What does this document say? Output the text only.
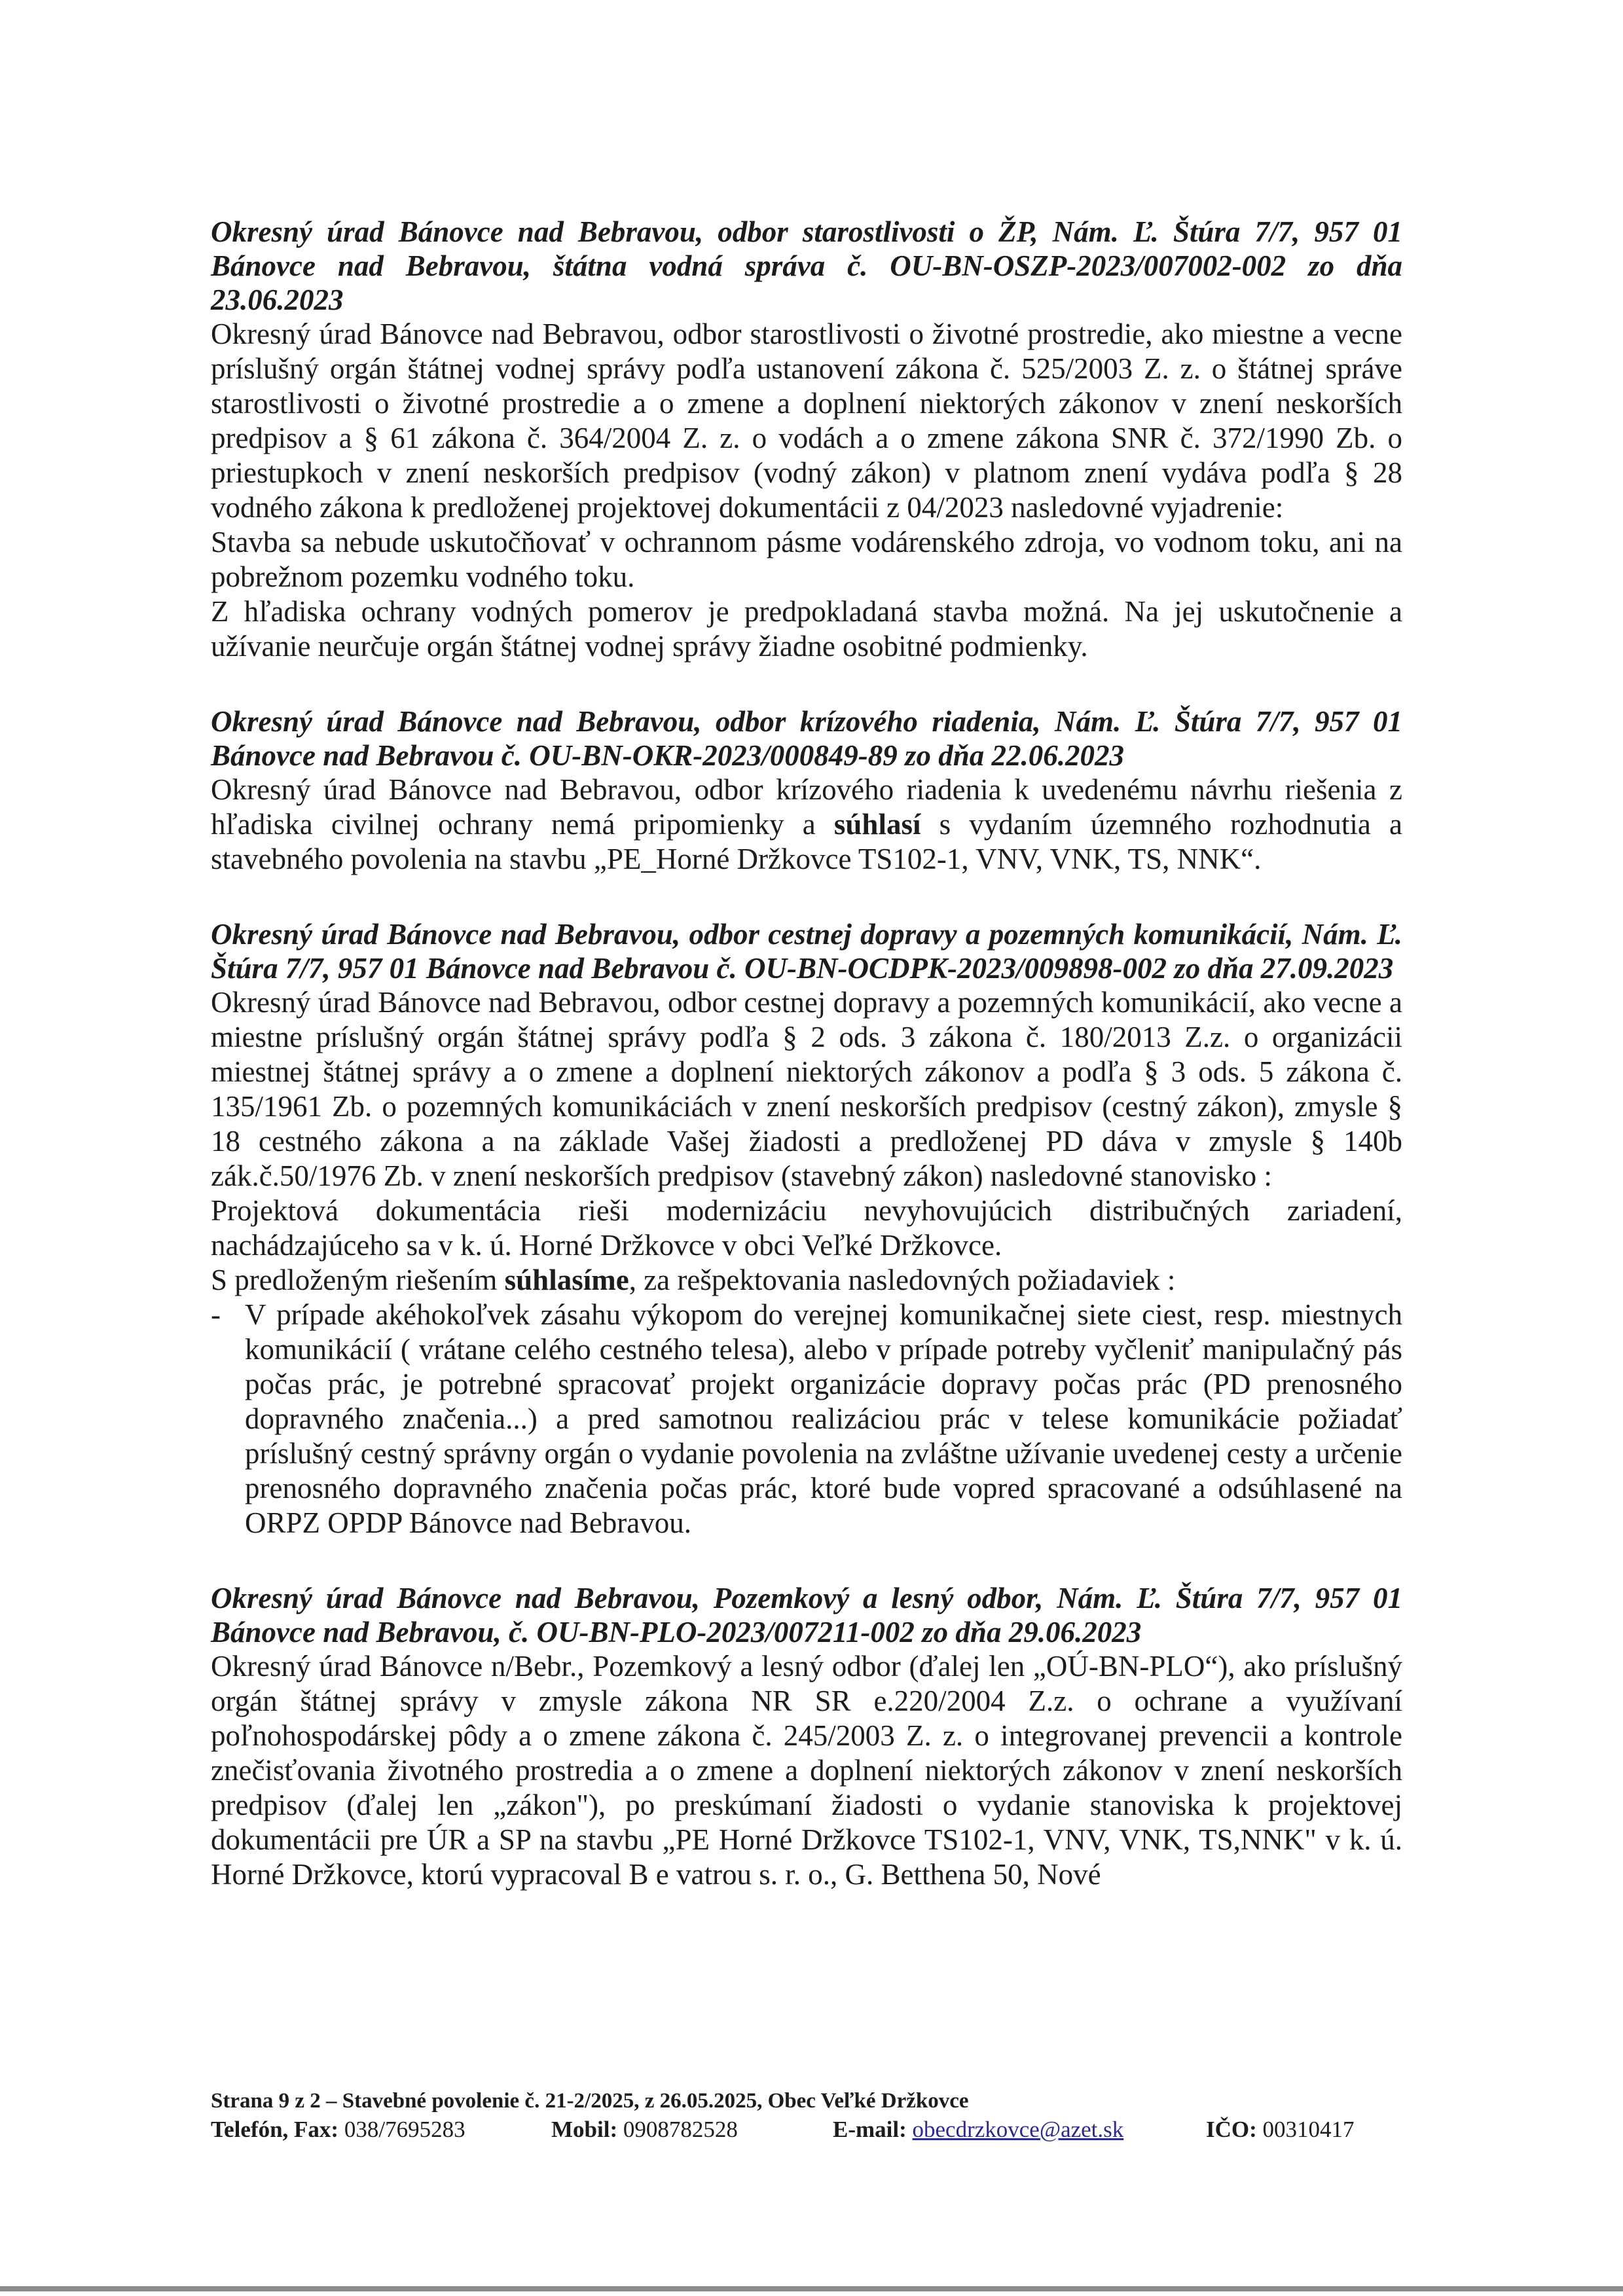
Okresný úrad Bánovce nad Bebravou, odbor starostlivosti o ŽP, Nám. Ľ. Štúra 7/7, 957 01 Bánovce nad Bebravou, štátna vodná správa č. OU-BN-OSZP-2023/007002-002 zo dňa 23.06.2023

Okresný úrad Bánovce nad Bebravou, odbor starostlivosti o životné prostredie, ako miestne a vecne príslušný orgán štátnej vodnej správy podľa ustanovení zákona č. 525/2003 Z. z. o štátnej správe starostlivosti o životné prostredie a o zmene a doplnení niektorých zákonov v znení neskorších predpisov a § 61 zákona č. 364/2004 Z. z. o vodách a o zmene zákona SNR č. 372/1990 Zb. o priestupkoch v znení neskorších predpisov (vodný zákon) v platnom znení vydáva podľa § 28 vodného zákona k predloženej projektovej dokumentácii z 04/2023 nasledovné vyjadrenie:

Stavba sa nebude uskutočňovať v ochrannom pásme vodárenského zdroja, vo vodnom toku, ani na pobrežnom pozemku vodného toku.

Z hľadiska ochrany vodných pomerov je predpokladaná stavba možná. Na jej uskutočnenie a užívanie neurčuje orgán štátnej vodnej správy žiadne osobitné podmienky.

Okresný úrad Bánovce nad Bebravou, odbor krízového riadenia, Nám. Ľ. Štúra 7/7, 957 01 Bánovce nad Bebravou č. OU-BN-OKR-2023/000849-89 zo dňa 22.06.2023

Okresný úrad Bánovce nad Bebravou, odbor krízového riadenia k uvedenému návrhu riešenia z hľadiska civilnej ochrany nemá pripomienky a súhlasí s vydaním územného rozhodnutia a stavebného povolenia na stavbu „PE_Horné Držkovce TS102-1, VNV, VNK, TS, NNK“.

Okresný úrad Bánovce nad Bebravou, odbor cestnej dopravy a pozemných komunikácií, Nám. Ľ. Štúra 7/7, 957 01 Bánovce nad Bebravou č. OU-BN-OCDPK-2023/009898-002 zo dňa 27.09.2023

Okresný úrad Bánovce nad Bebravou, odbor cestnej dopravy a pozemných komunikácií, ako vecne a miestne príslušný orgán štátnej správy podľa § 2 ods. 3 zákona č. 180/2013 Z.z. o organizácii miestnej štátnej správy a o zmene a doplnení niektorých zákonov a podľa § 3 ods. 5 zákona č. 135/1961 Zb. o pozemných komunikáciách v znení neskorších predpisov (cestný zákon), zmysle § 18 cestného zákona a na základe Vašej žiadosti a predloženej PD dáva v zmysle § 140b zák.č.50/1976 Zb. v znení neskorších predpisov (stavebný zákon) nasledovné stanovisko :

Projektová dokumentácia rieši modernizáciu nevyhovujúcich distribučných zariadení, nachádzajúceho sa v k. ú. Horné Držkovce v obci Veľké Držkovce.

S predloženým riešením súhlasíme, za rešpektovania nasledovných požiadaviek :

- V prípade akéhokoľvek zásahu výkopom do verejnej komunikačnej siete ciest, resp. miestnych komunikácií ( vrátane celého cestného telesa), alebo v prípade potreby vyčleniť manipulačný pás počas prác, je potrebné spracovať projekt organizácie dopravy počas prác (PD prenosného dopravného značenia...) a pred samotnou realizáciou prác v telese komunikácie požiadať príslušný cestný správny orgán o vydanie povolenia na zvláštne užívanie uvedenej cesty a určenie prenosného dopravného značenia počas prác, ktoré bude vopred spracované a odsúhlasené na ORPZ OPDP Bánovce nad Bebravou.

Okresný úrad Bánovce nad Bebravou, Pozemkový a lesný odbor, Nám. Ľ. Štúra 7/7, 957 01 Bánovce nad Bebravou, č. OU-BN-PLO-2023/007211-002 zo dňa 29.06.2023

Okresný úrad Bánovce n/Bebr., Pozemkový a lesný odbor (ďalej len „OÚ-BN-PLO“), ako príslušný orgán štátnej správy v zmysle zákona NR SR e.220/2004 Z.z. o ochrane a využívaní poľnohospodárskej pôdy a o zmene zákona č. 245/2003 Z. z. o integrovanej prevencii a kontrole znečisťovania životného prostredia a o zmene a doplnení niektorých zákonov v znení neskorších predpisov (ďalej len „zákon"), po preskúmaní žiadosti o vydanie stanoviska k projektovej dokumentácii pre ÚR a SP na stavbu „PE Horné Držkovce TS102-1, VNV, VNK, TS,NNK" v k. ú. Horné Držkovce, ktorú vypracoval B e vatrou s. r. o., G. Betthena 50, Nové

Strana 9 z 2 – Stavebné povolenie č. 21-2/2025, z 26.05.2025, Obec Veľké Držkovce
Telefón, Fax: 038/7695283	Mobil: 0908782528	E-mail: obecdrzkovce@azet.sk	IČO: 00310417
